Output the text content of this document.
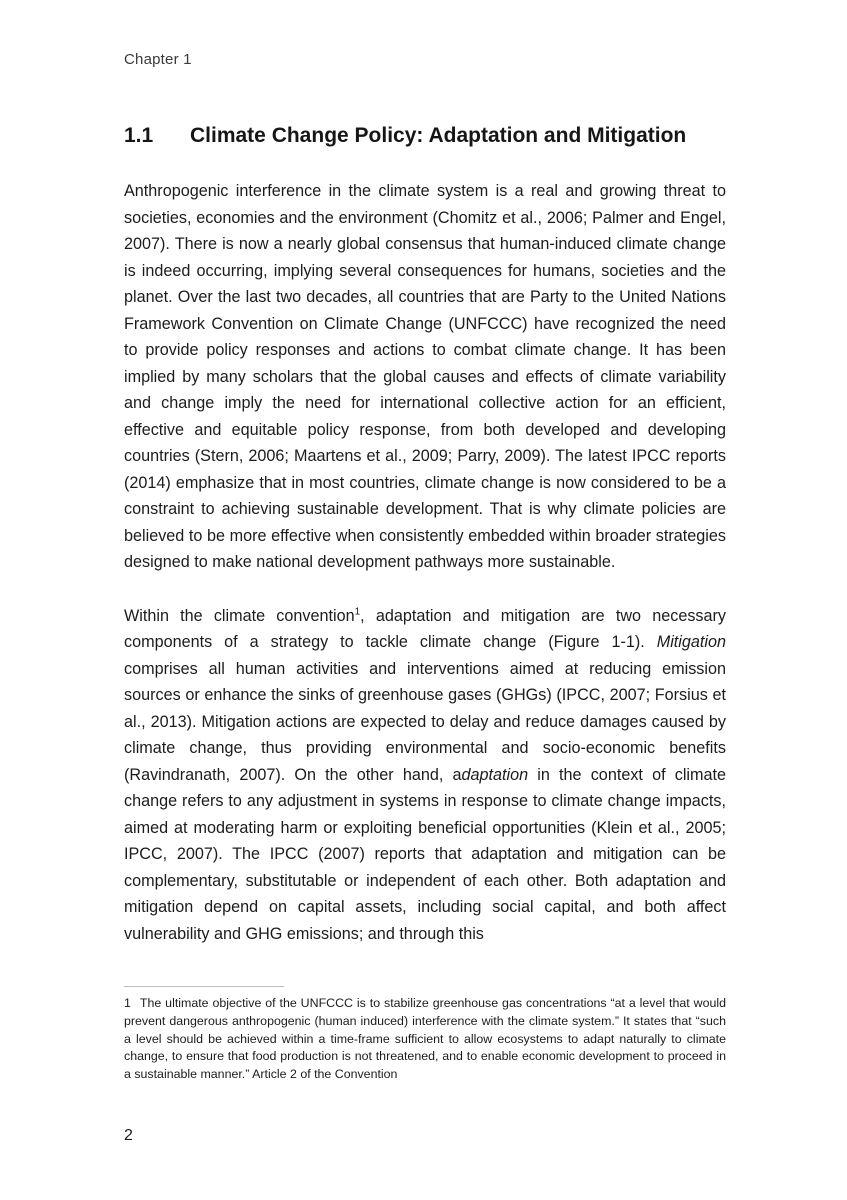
Chapter 1
1.1	Climate Change Policy: Adaptation and Mitigation

Anthropogenic interference in the climate system is a real and growing threat to societies, economies and the environment (Chomitz et al., 2006; Palmer and Engel, 2007). There is now a nearly global consensus that human-induced climate change is indeed occurring, implying several consequences for humans, societies and the planet. Over the last two decades, all countries that are Party to the United Nations Framework Convention on Climate Change (UNFCCC) have recognized the need to provide policy responses and actions to combat climate change. It has been implied by many scholars that the global causes and effects of climate variability and change imply the need for international collective action for an efficient, effective and equitable policy response, from both developed and developing countries (Stern, 2006; Maartens et al., 2009; Parry, 2009). The latest IPCC reports (2014) emphasize that in most countries, climate change is now considered to be a constraint to achieving sustainable development. That is why climate policies are believed to be more effective when consistently embedded within broader strategies designed to make national development pathways more sustainable.

Within the climate convention$^1$, adaptation and mitigation are two necessary components of a strategy to tackle climate change (Figure 1-1). Mitigation comprises all human activities and interventions aimed at reducing emission sources or enhance the sinks of greenhouse gases (GHGs) (IPCC, 2007; Forsius et al., 2013). Mitigation actions are expected to delay and reduce damages caused by climate change, thus providing environmental and socio-economic benefits (Ravindranath, 2007). On the other hand, adaptation in the context of climate change refers to any adjustment in systems in response to climate change impacts, aimed at moderating harm or exploiting beneficial opportunities (Klein et al., 2005; IPCC, 2007). The IPCC (2007) reports that adaptation and mitigation can be complementary, substitutable or independent of each other. Both adaptation and mitigation depend on capital assets, including social capital, and both affect vulnerability and GHG emissions; and through this

1 The ultimate objective of the UNFCCC is to stabilize greenhouse gas concentrations “at a level that would prevent dangerous anthropogenic (human induced) interference with the climate system.” It states that “such a level should be achieved within a time-frame sufficient to allow ecosystems to adapt naturally to climate change, to ensure that food production is not threatened, and to enable economic development to proceed in a sustainable manner.” Article 2 of the Convention

2
